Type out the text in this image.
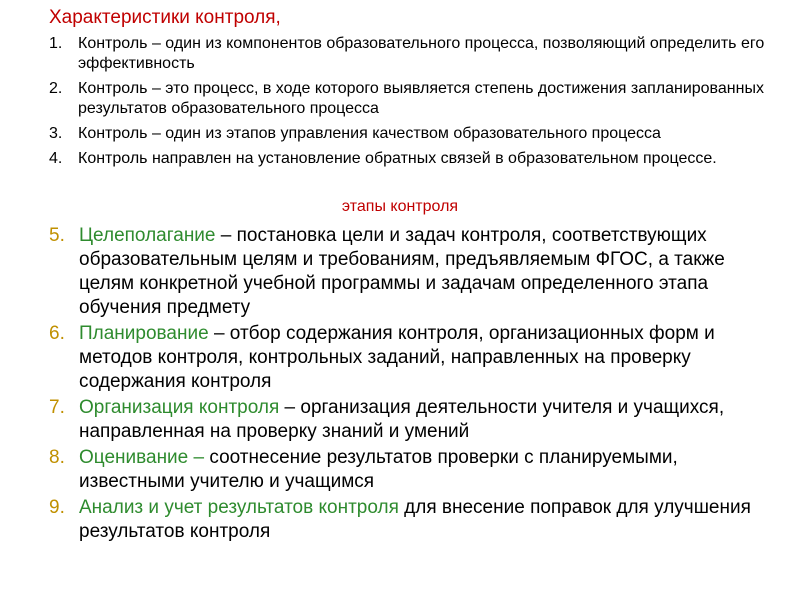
Характеристики контроля,
1. Контроль – один из компонентов образовательного процесса, позволяющий определить его эффективность
2. Контроль – это процесс, в ходе которого выявляется степень достижения запланированных результатов образовательного процесса
3. Контроль – один из этапов управления качеством образовательного процесса
4. Контроль направлен на установление обратных связей в образовательном процессе.
этапы контроля
5. Целеполагание – постановка цели и задач контроля, соответствующих образовательным целям и требованиям, предъявляемым ФГОС, а также целям конкретной учебной программы и задачам определенного этапа обучения предмету
6. Планирование – отбор содержания контроля, организационных форм и методов контроля, контрольных заданий, направленных на проверку содержания контроля
7. Организация контроля – организация деятельности учителя и учащихся, направленная на проверку знаний и умений
8. Оценивание – соотнесение результатов проверки с планируемыми, известными учителю и учащимся
9. Анализ и учет результатов контроля для внесение поправок для улучшения результатов контроля
